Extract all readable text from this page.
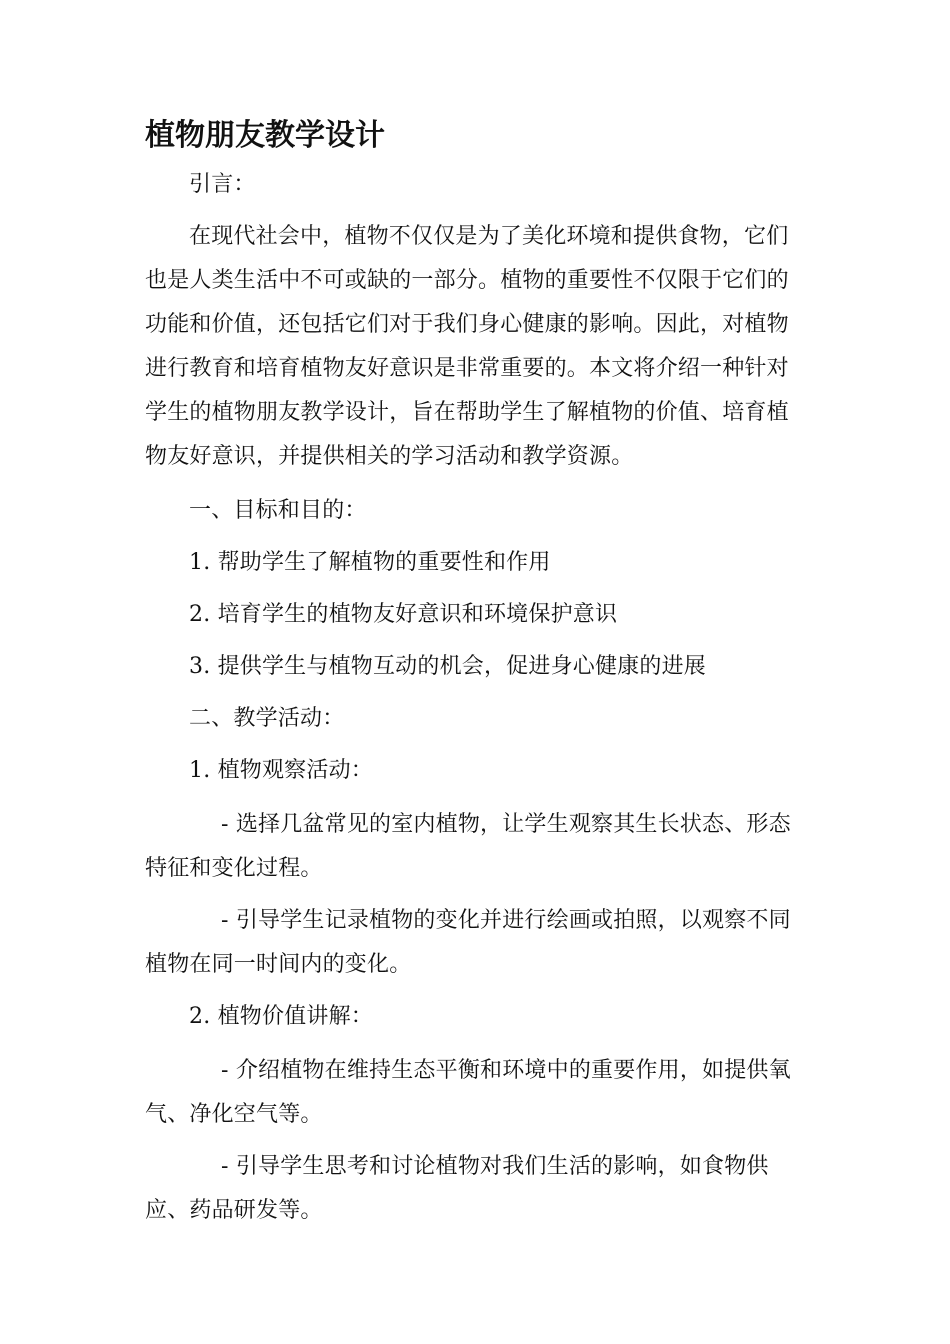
植物朋友教学设计

引言：

在现代社会中，植物不仅仅是为了美化环境和提供食物，它们也是人类生活中不可或缺的一部分。植物的重要性不仅限于它们的功能和价值，还包括它们对于我们身心健康的影响。因此，对植物进行教育和培育植物友好意识是非常重要的。本文将介绍一种针对学生的植物朋友教学设计，旨在帮助学生了解植物的价值、培育植物友好意识，并提供相关的学习活动和教学资源。

一、目标和目的：

1. 帮助学生了解植物的重要性和作用

2. 培育学生的植物友好意识和环境保护意识

3. 提供学生与植物互动的机会，促进身心健康的进展

二、教学活动：

1. 植物观察活动：

- 选择几盆常见的室内植物，让学生观察其生长状态、形态特征和变化过程。

- 引导学生记录植物的变化并进行绘画或拍照，以观察不同植物在同一时间内的变化。

2. 植物价值讲解：

- 介绍植物在维持生态平衡和环境中的重要作用，如提供氧气、净化空气等。

- 引导学生思考和讨论植物对我们生活的影响，如食物供应、药品研发等。
